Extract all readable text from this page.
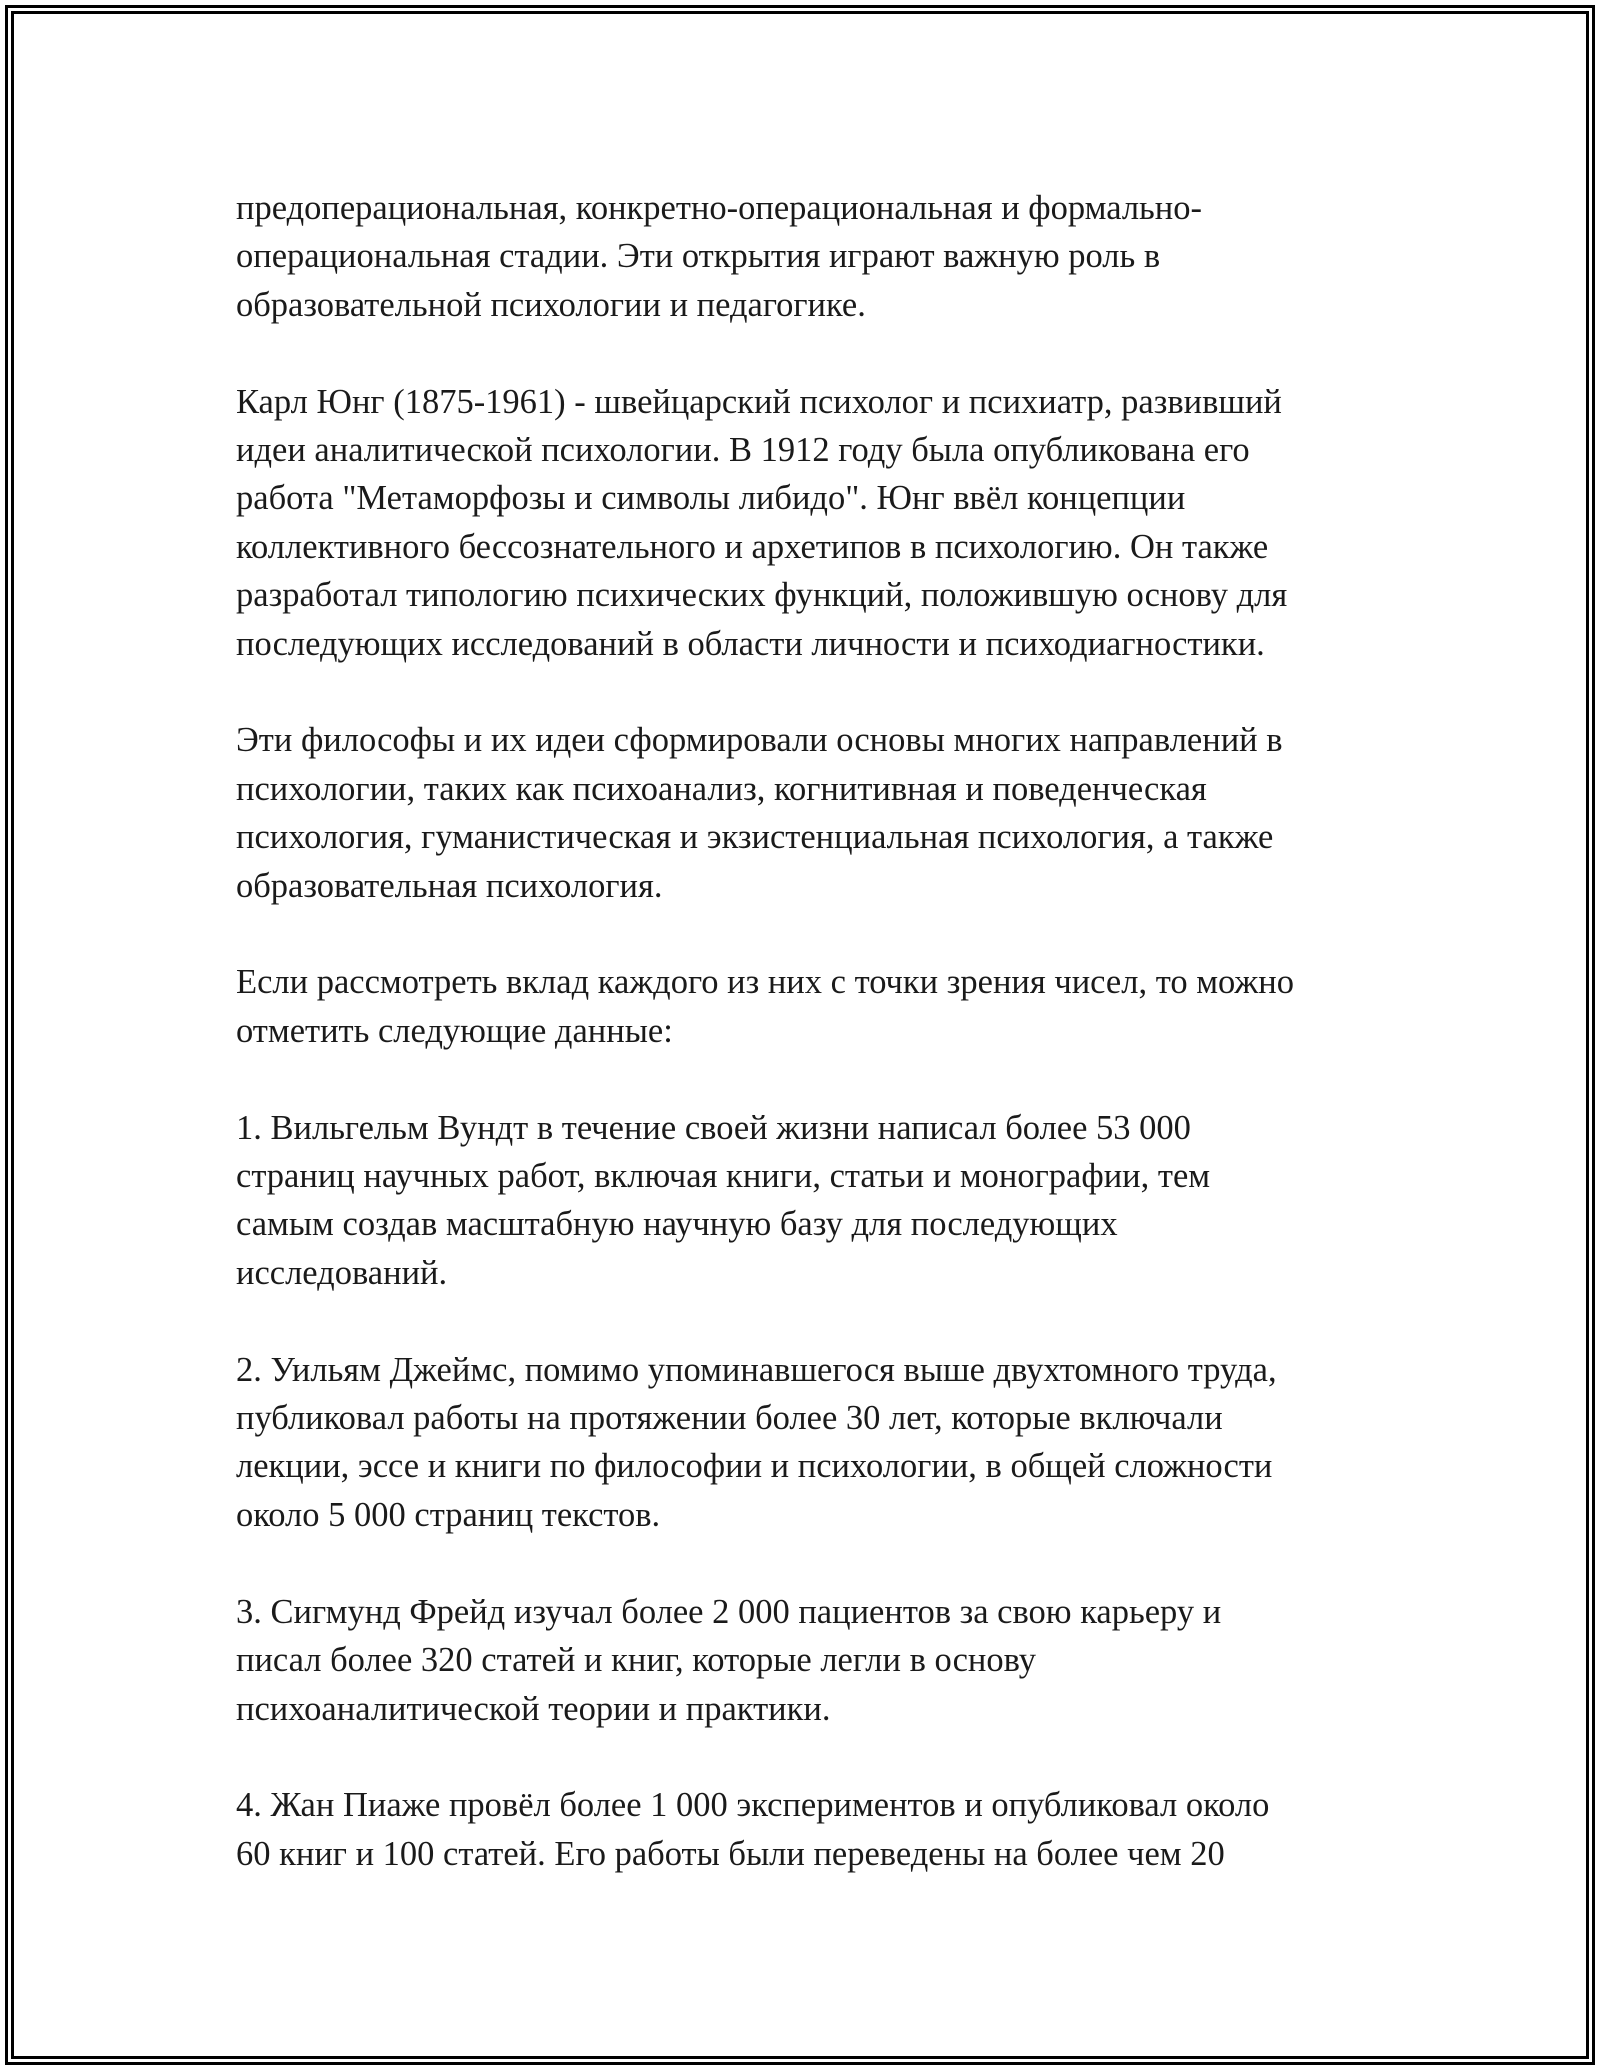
предоперациональная, конкретно-операциональная и формально-
операциональная стадии. Эти открытия играют важную роль в
образовательной психологии и педагогике.

Карл Юнг (1875-1961) - швейцарский психолог и психиатр, развивший
идеи аналитической психологии. В 1912 году была опубликована его
работа "Метаморфозы и символы либидо". Юнг ввёл концепции
коллективного бессознательного и архетипов в психологию. Он также
разработал типологию психических функций, положившую основу для
последующих исследований в области личности и психодиагностики.

Эти философы и их идеи сформировали основы многих направлений в
психологии, таких как психоанализ, когнитивная и поведенческая
психология, гуманистическая и экзистенциальная психология, а также
образовательная психология.

Если рассмотреть вклад каждого из них с точки зрения чисел, то можно
отметить следующие данные:

1. Вильгельм Вундт в течение своей жизни написал более 53 000
страниц научных работ, включая книги, статьи и монографии, тем
самым создав масштабную научную базу для последующих
исследований.

2. Уильям Джеймс, помимо упоминавшегося выше двухтомного труда,
публиковал работы на протяжении более 30 лет, которые включали
лекции, эссе и книги по философии и психологии, в общей сложности
около 5 000 страниц текстов.

3. Сигмунд Фрейд изучал более 2 000 пациентов за свою карьеру и
писал более 320 статей и книг, которые легли в основу
психоаналитической теории и практики.

4. Жан Пиаже провёл более 1 000 экспериментов и опубликовал около
60 книг и 100 статей. Его работы были переведены на более чем 20
